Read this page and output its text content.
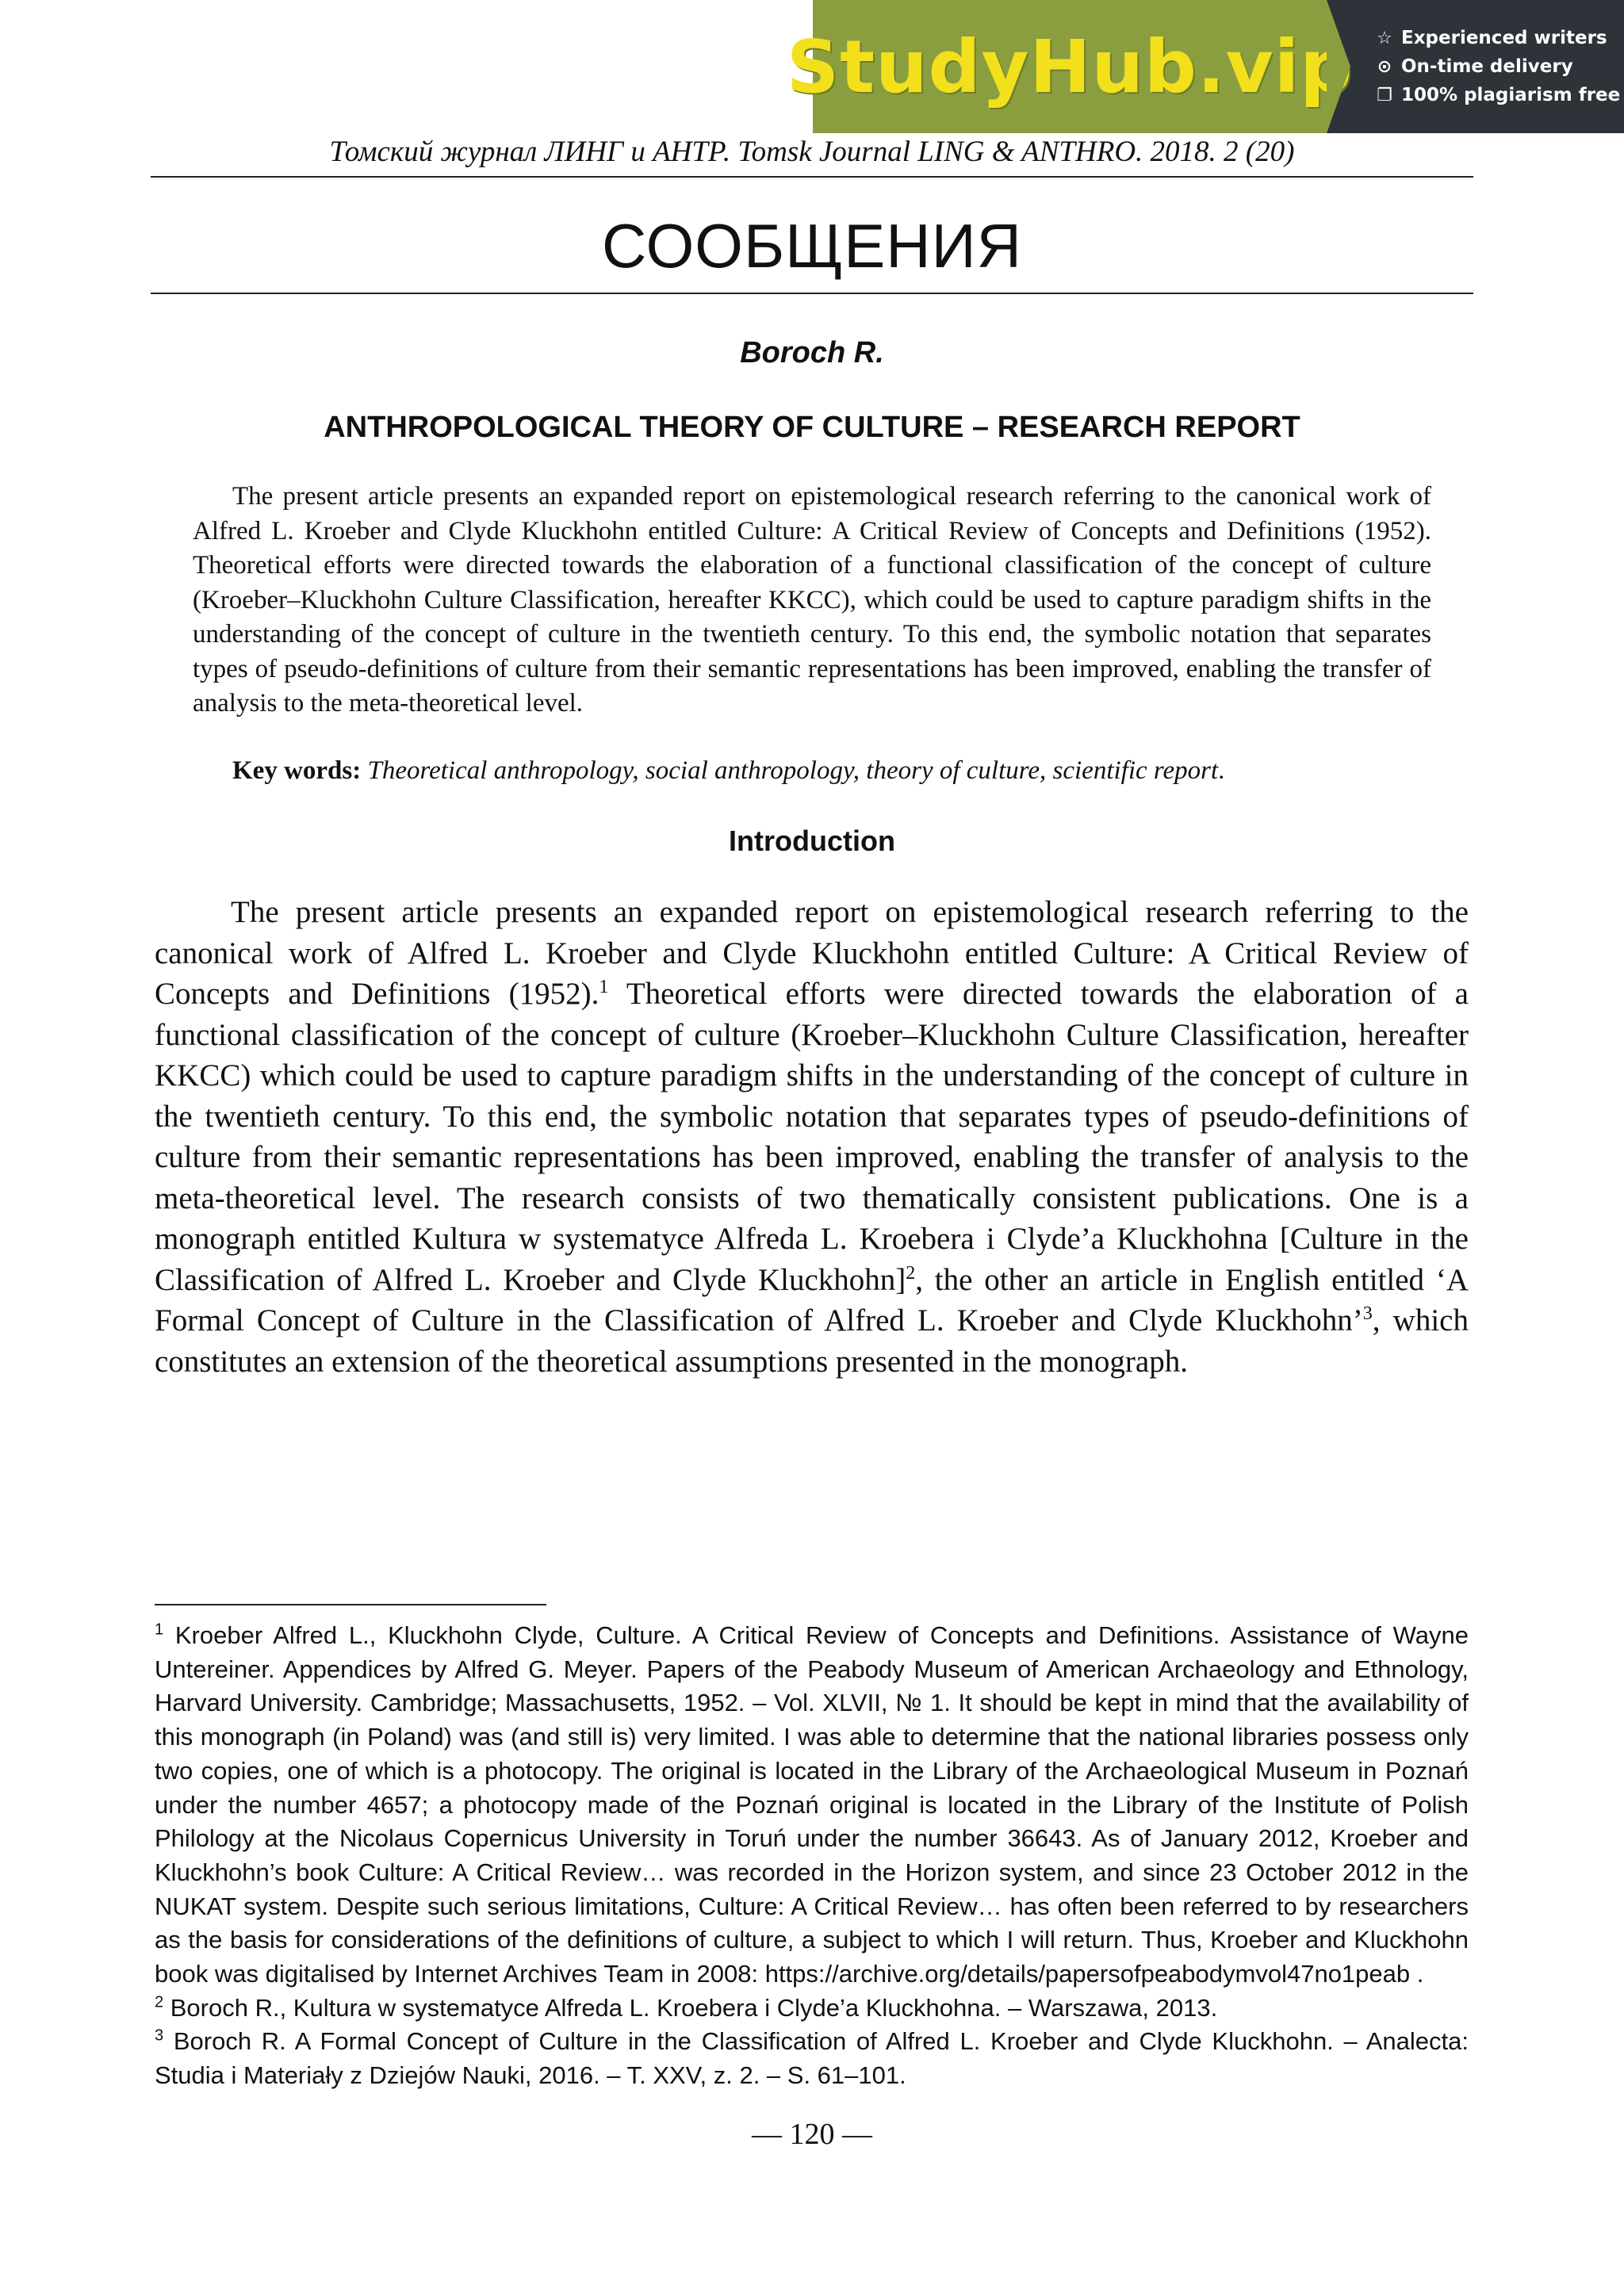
StudyHub.vip ☆ Experienced writers
⊙ On-time delivery
❐ 100% plagiarism free
Томский журнал ЛИНГ и АНТР. Tomsk Journal LING & ANTHRO. 2018. 2 (20)
СООБЩЕНИЯ
Boroch R.
ANTHROPOLOGICAL THEORY OF CULTURE – RESEARCH REPORT

The present article presents an expanded report on epistemological research referring to the canonical work of Alfred L. Kroeber and Clyde Kluckhohn entitled Culture: A Critical Review of Concepts and Definitions (1952). Theoretical efforts were directed towards the elaboration of a functional classification of the concept of culture (Kroeber–Kluckhohn Culture Classification, hereafter KKCC), which could be used to capture paradigm shifts in the understanding of the concept of culture in the twentieth century. To this end, the symbolic notation that separates types of pseudo-definitions of culture from their semantic representations has been improved, enabling the transfer of analysis to the meta-theoretical level.

Key words: Theoretical anthropology, social anthropology, theory of culture, scientific report.

Introduction

The present article presents an expanded report on epistemological research referring to the canonical work of Alfred L. Kroeber and Clyde Kluckhohn entitled Culture: A Critical Review of Concepts and Definitions (1952).$^1$ Theoretical efforts were directed towards the elaboration of a functional classification of the concept of culture (Kroeber–Kluckhohn Culture Classification, hereafter KKCC) which could be used to capture paradigm shifts in the understanding of the concept of culture in the twentieth century. To this end, the symbolic notation that separates types of pseudo-definitions of culture from their semantic representations has been improved, enabling the transfer of analysis to the meta-theoretical level. The research consists of two thematically consistent publications. One is a monograph entitled Kultura w systematyce Alfreda L. Kroebera i Clyde’a Kluckhohna [Culture in the Classification of Alfred L. Kroeber and Clyde Kluckhohn]$^2$, the other an article in English entitled ‘A Formal Concept of Culture in the Classification of Alfred L. Kroeber and Clyde Kluckhohn’$^3$, which constitutes an extension of the theoretical assumptions presented in the monograph.

$^1$ Kroeber Alfred L., Kluckhohn Clyde, Culture. A Critical Review of Concepts and Definitions. Assistance of Wayne Untereiner. Appendices by Alfred G. Meyer. Papers of the Peabody Museum of American Archaeology and Ethnology, Harvard University. Cambridge; Massachusetts, 1952. – Vol. XLVII, № 1. It should be kept in mind that the availability of this monograph (in Poland) was (and still is) very limited. I was able to determine that the national libraries possess only two copies, one of which is a photocopy. The original is located in the Library of the Archaeological Museum in Poznań under the number 4657; a photocopy made of the Poznań original is located in the Library of the Institute of Polish Philology at the Nicolaus Copernicus University in Toruń under the number 36643. As of January 2012, Kroeber and Kluckhohn’s book Culture: A Critical Review… was recorded in the Horizon system, and since 23 October 2012 in the NUKAT system. Despite such serious limitations, Culture: A Critical Review… has often been referred to by researchers as the basis for considerations of the definitions of culture, a subject to which I will return. Thus, Kroeber and Kluckhohn book was digitalised by Internet Archives Team in 2008: https://archive.org/details/papersofpeabodymvol47no1peab .

$^2$ Boroch R., Kultura w systematyce Alfreda L. Kroebera i Clyde’a Kluckhohna. – Warszawa, 2013.

$^3$ Boroch R. A Formal Concept of Culture in the Classification of Alfred L. Kroeber and Clyde Kluckhohn. – Analecta: Studia i Materiały z Dziejów Nauki, 2016. – T. XXV, z. 2. – S. 61–101.

— 120 —
